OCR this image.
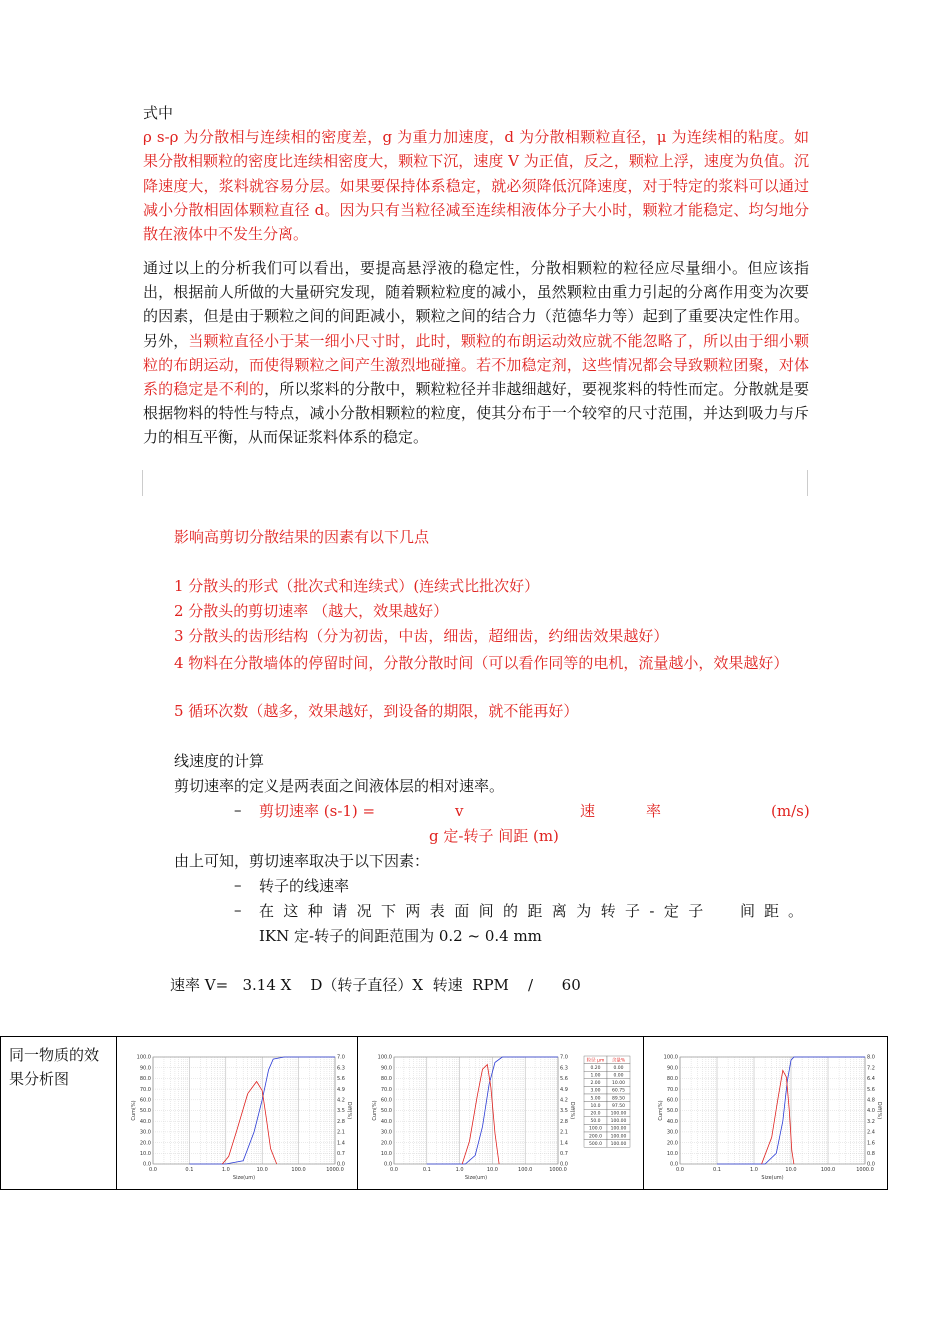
式中
ρ s-ρ 为分散相与连续相的密度差，g 为重力加速度，d 为分散相颗粒直径，μ 为连续相的粘度。如果分散相颗粒的密度比连续相密度大，颗粒下沉，速度 V 为正值，反之，颗粒上浮，速度为负值。沉降速度大，浆料就容易分层。如果要保持体系稳定，就必须降低沉降速度，对于特定的浆料可以通过减小分散相固体颗粒直径 d。因为只有当粒径减至连续相液体分子大小时，颗粒才能稳定、均匀地分散在液体中不发生分离。
通过以上的分析我们可以看出，要提高悬浮液的稳定性，分散相颗粒的粒径应尽量细小。但应该指出，根据前人所做的大量研究发现，随着颗粒粒度的减小，虽然颗粒由重力引起的分离作用变为次要的因素，但是由于颗粒之间的间距减小，颗粒之间的结合力（范德华力等）起到了重要决定性作用。另外，当颗粒直径小于某一细小尺寸时，此时，颗粒的布朗运动效应就不能忽略了，所以由于细小颗粒的布朗运动，而使得颗粒之间产生激烈地碰撞。若不加稳定剂，这些情况都会导致颗粒团聚，对体系的稳定是不利的，所以浆料的分散中，颗粒粒径并非越细越好，要视浆料的特性而定。分散就是要根据物料的特性与特点，减小分散相颗粒的粒度，使其分布于一个较窄的尺寸范围，并达到吸力与斥力的相互平衡，从而保证浆料体系的稳定。
影响高剪切分散结果的因素有以下几点
1 分散头的形式（批次式和连续式）(连续式比批次好）
2 分散头的剪切速率 （越大，效果越好）
3 分散头的齿形结构（分为初齿，中齿，细齿，超细齿，约细齿效果越好）
4 物料在分散墙体的停留时间，分散分散时间（可以看作同等的电机，流量越小，效果越好）
5 循环次数（越多，效果越好，到设备的期限，就不能再好）
线速度的计算
剪切速率的定义是两表面之间液体层的相对速率。
– 剪切速率 (s-1) =	v	速	率	(m/s)
g 定-转子 间距 (m)
由上可知，剪切速率取决于以下因素：
– 转子的线速率
– 在这种请况下两表面间的距离为转子-定子 间距。
IKN 定-转子的间距范围为 0.2 ~ 0.4 mm
速率 V=   3.14 X    D（转子直径）X  转速  RPM    /      60
同一物质的效果分析图	
0.0	0.1	1.0	10.0	100.0	1000.0
0.0	0.0
10.0	0.7
20.0	1.4
30.0	2.1
40.0	2.8
50.0	3.5
60.0	4.2
70.0	4.9
80.0	5.6
90.0	6.3
100.0	7.0
Size(um)
Cum(%)	Diff(%)

0.0	0.1	1.0	10.0	100.0	1000.0
0.0	0.0
10.0	0.7
20.0	1.4
30.0	2.1
40.0	2.8
50.0	3.5
60.0	4.2
70.0	4.9
80.0	5.6
90.0	6.3
100.0	7.0
Size(um)
Cum(%)	Diff(%)
粒径 µm 含量%
0.20	0.00
1.00	0.00
2.00	10.00
3.00	60.75
5.00	89.50
10.0	97.50
20.0 100.00
50.0 100.00
100.0 100.00
200.0 100.00
500.0 100.00

0.0	0.1	1.0	10.0	100.0	1000.0
0.0	0.0
10.0	0.8
20.0	1.6
30.0	2.4
40.0	3.2
50.0	4.0
60.0	4.8
70.0	5.6
80.0	6.4
90.0	7.2
100.0	8.0
Size(um)
Cum(%)	Diff(%)
